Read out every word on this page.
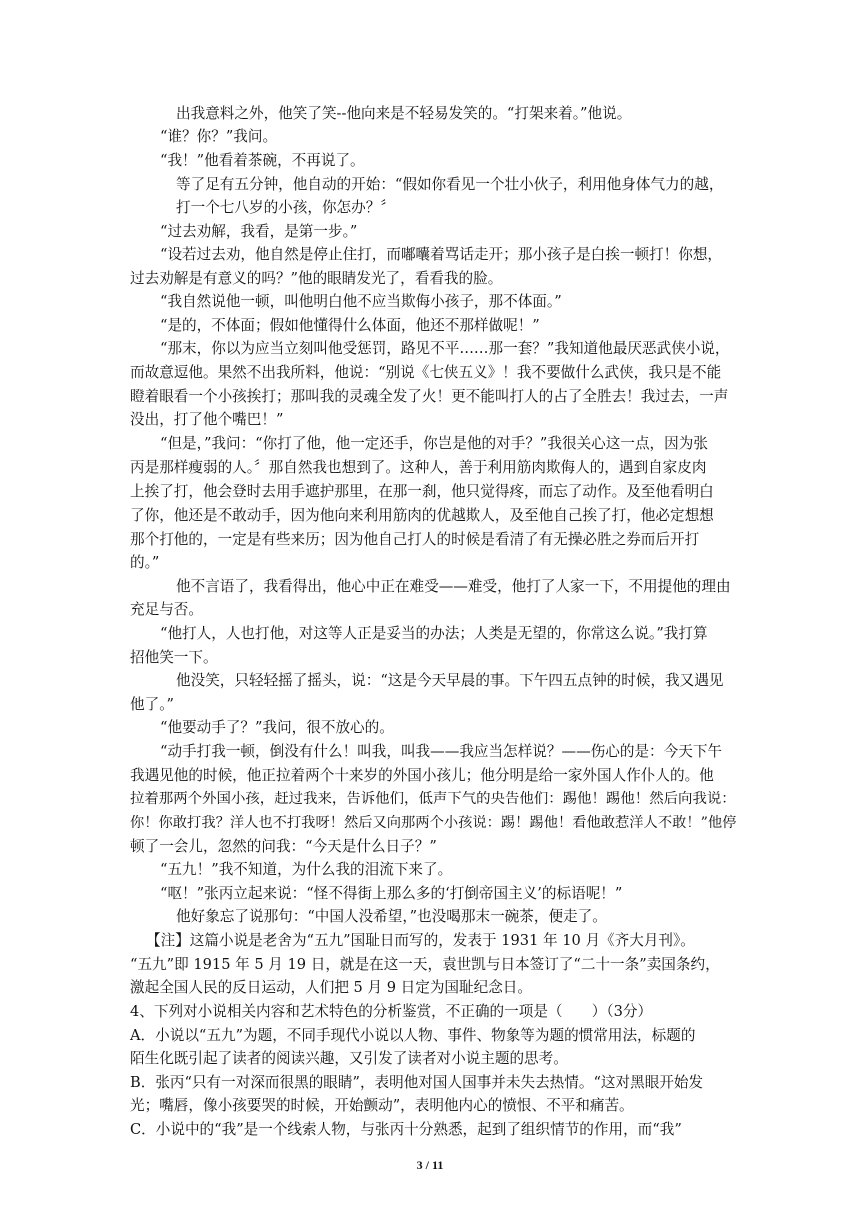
出我意料之外，他笑了笑--他向来是不轻易发笑的。“打架来着。”他说。
“谁？你？”我问。
“我！”他看着茶碗，不再说了。
等了足有五分钟，他自动的开始：“假如你看见一个壮小伙子，利用他身体气力的越，
打一个七八岁的小孩，你怎办？〞
“过去劝解，我看，是第一步。”
“设若过去劝，他自然是停止住打，而嘟囔着骂话走开；那小孩子是白挨一顿打！你想，
过去劝解是有意义的吗？”他的眼睛发光了，看看我的脸。
“我自然说他一顿，叫他明白他不应当欺侮小孩子，那不体面。”
“是的，不体面；假如他懂得什么体面，他还不那样做呢！”
“那末，你以为应当立刻叫他受惩罚，路见不平……那一套？”我知道他最厌恶武侠小说，
而故意逗他。果然不出我所料，他说：“别说《七侠五义》！我不要做什么武侠，我只是不能
瞪着眼看一个小孩挨打；那叫我的灵魂全发了火！更不能叫打人的占了全胜去！我过去，一声
没出，打了他个嘴巴！”
“但是，”我问：“你打了他，他一定还手，你岂是他的对手？”我很关心这一点，因为张
丙是那样瘦弱的人。〞那自然我也想到了。这种人，善于利用筋肉欺侮人的，遇到自家皮肉
上挨了打，他会登时去用手遮护那里，在那一刹，他只觉得疼，而忘了动作。及至他看明白
了你，他还是不敢动手，因为他向来利用筋肉的优越欺人，及至他自己挨了打，他必定想想
那个打他的，一定是有些来历；因为他自己打人的时候是看清了有无操必胜之券而后开打
的。”
他不言语了，我看得出，他心中正在难受——难受，他打了人家一下，不用提他的理由
充足与否。
“他打人，人也打他，对这等人正是妥当的办法；人类是无望的，你常这么说。”我打算
招他笑一下。
他没笑，只轻轻摇了摇头，说：“这是今天早晨的事。下午四五点钟的时候，我又遇见
他了。”
“他要动手了？”我问，很不放心的。
“动手打我一顿，倒没有什么！叫我，叫我——我应当怎样说？——伤心的是：今天下午
我遇见他的时候，他正拉着两个十来岁的外国小孩儿；他分明是给一家外国人作仆人的。他
拉着那两个外国小孩，赶过我来，告诉他们，低声下气的央告他们：踢他！踢他！然后向我说：
你！你敢打我？洋人也不打我呀！然后又向那两个小孩说：踢！踢他！看他敢惹洋人不敢！”他停
顿了一会儿，忽然的问我：“今天是什么日子？”
“五九！”我不知道，为什么我的泪流下来了。
“呕！”张丙立起来说：“怪不得街上那么多的‘打倒帝国主义’的标语呢！”
他好象忘了说那句：“中国人没希望，”也没喝那末一碗茶，便走了。
【注】这篇小说是老舍为“五九”国耻日而写的，发表于 1931 年 10 月《齐大月刊》。
“五九”即 1915 年 5 月 19 日，就是在这一天，袁世凯与日本签订了“二十一条”卖国条约，
激起全国人民的反日运动，人们把 5 月 9 日定为国耻纪念日。
4、下列对小说相关内容和艺术特色的分析鉴赏，不正确的一项是（　　）（3分）
A．小说以“五九”为题，不同手现代小说以人物、事件、物象等为题的惯常用法，标题的
陌生化既引起了读者的阅读兴趣，又引发了读者对小说主题的思考。
B．张丙“只有一对深而很黑的眼睛”，表明他对国人国事并未失去热情。“这对黑眼开始发
光；嘴唇，像小孩要哭的时候，开始颤动”，表明他内心的愤恨、不平和痛苦。
C．小说中的“我”是一个线索人物，与张丙十分熟悉，起到了组织情节的作用，而“我”
3 / 11
